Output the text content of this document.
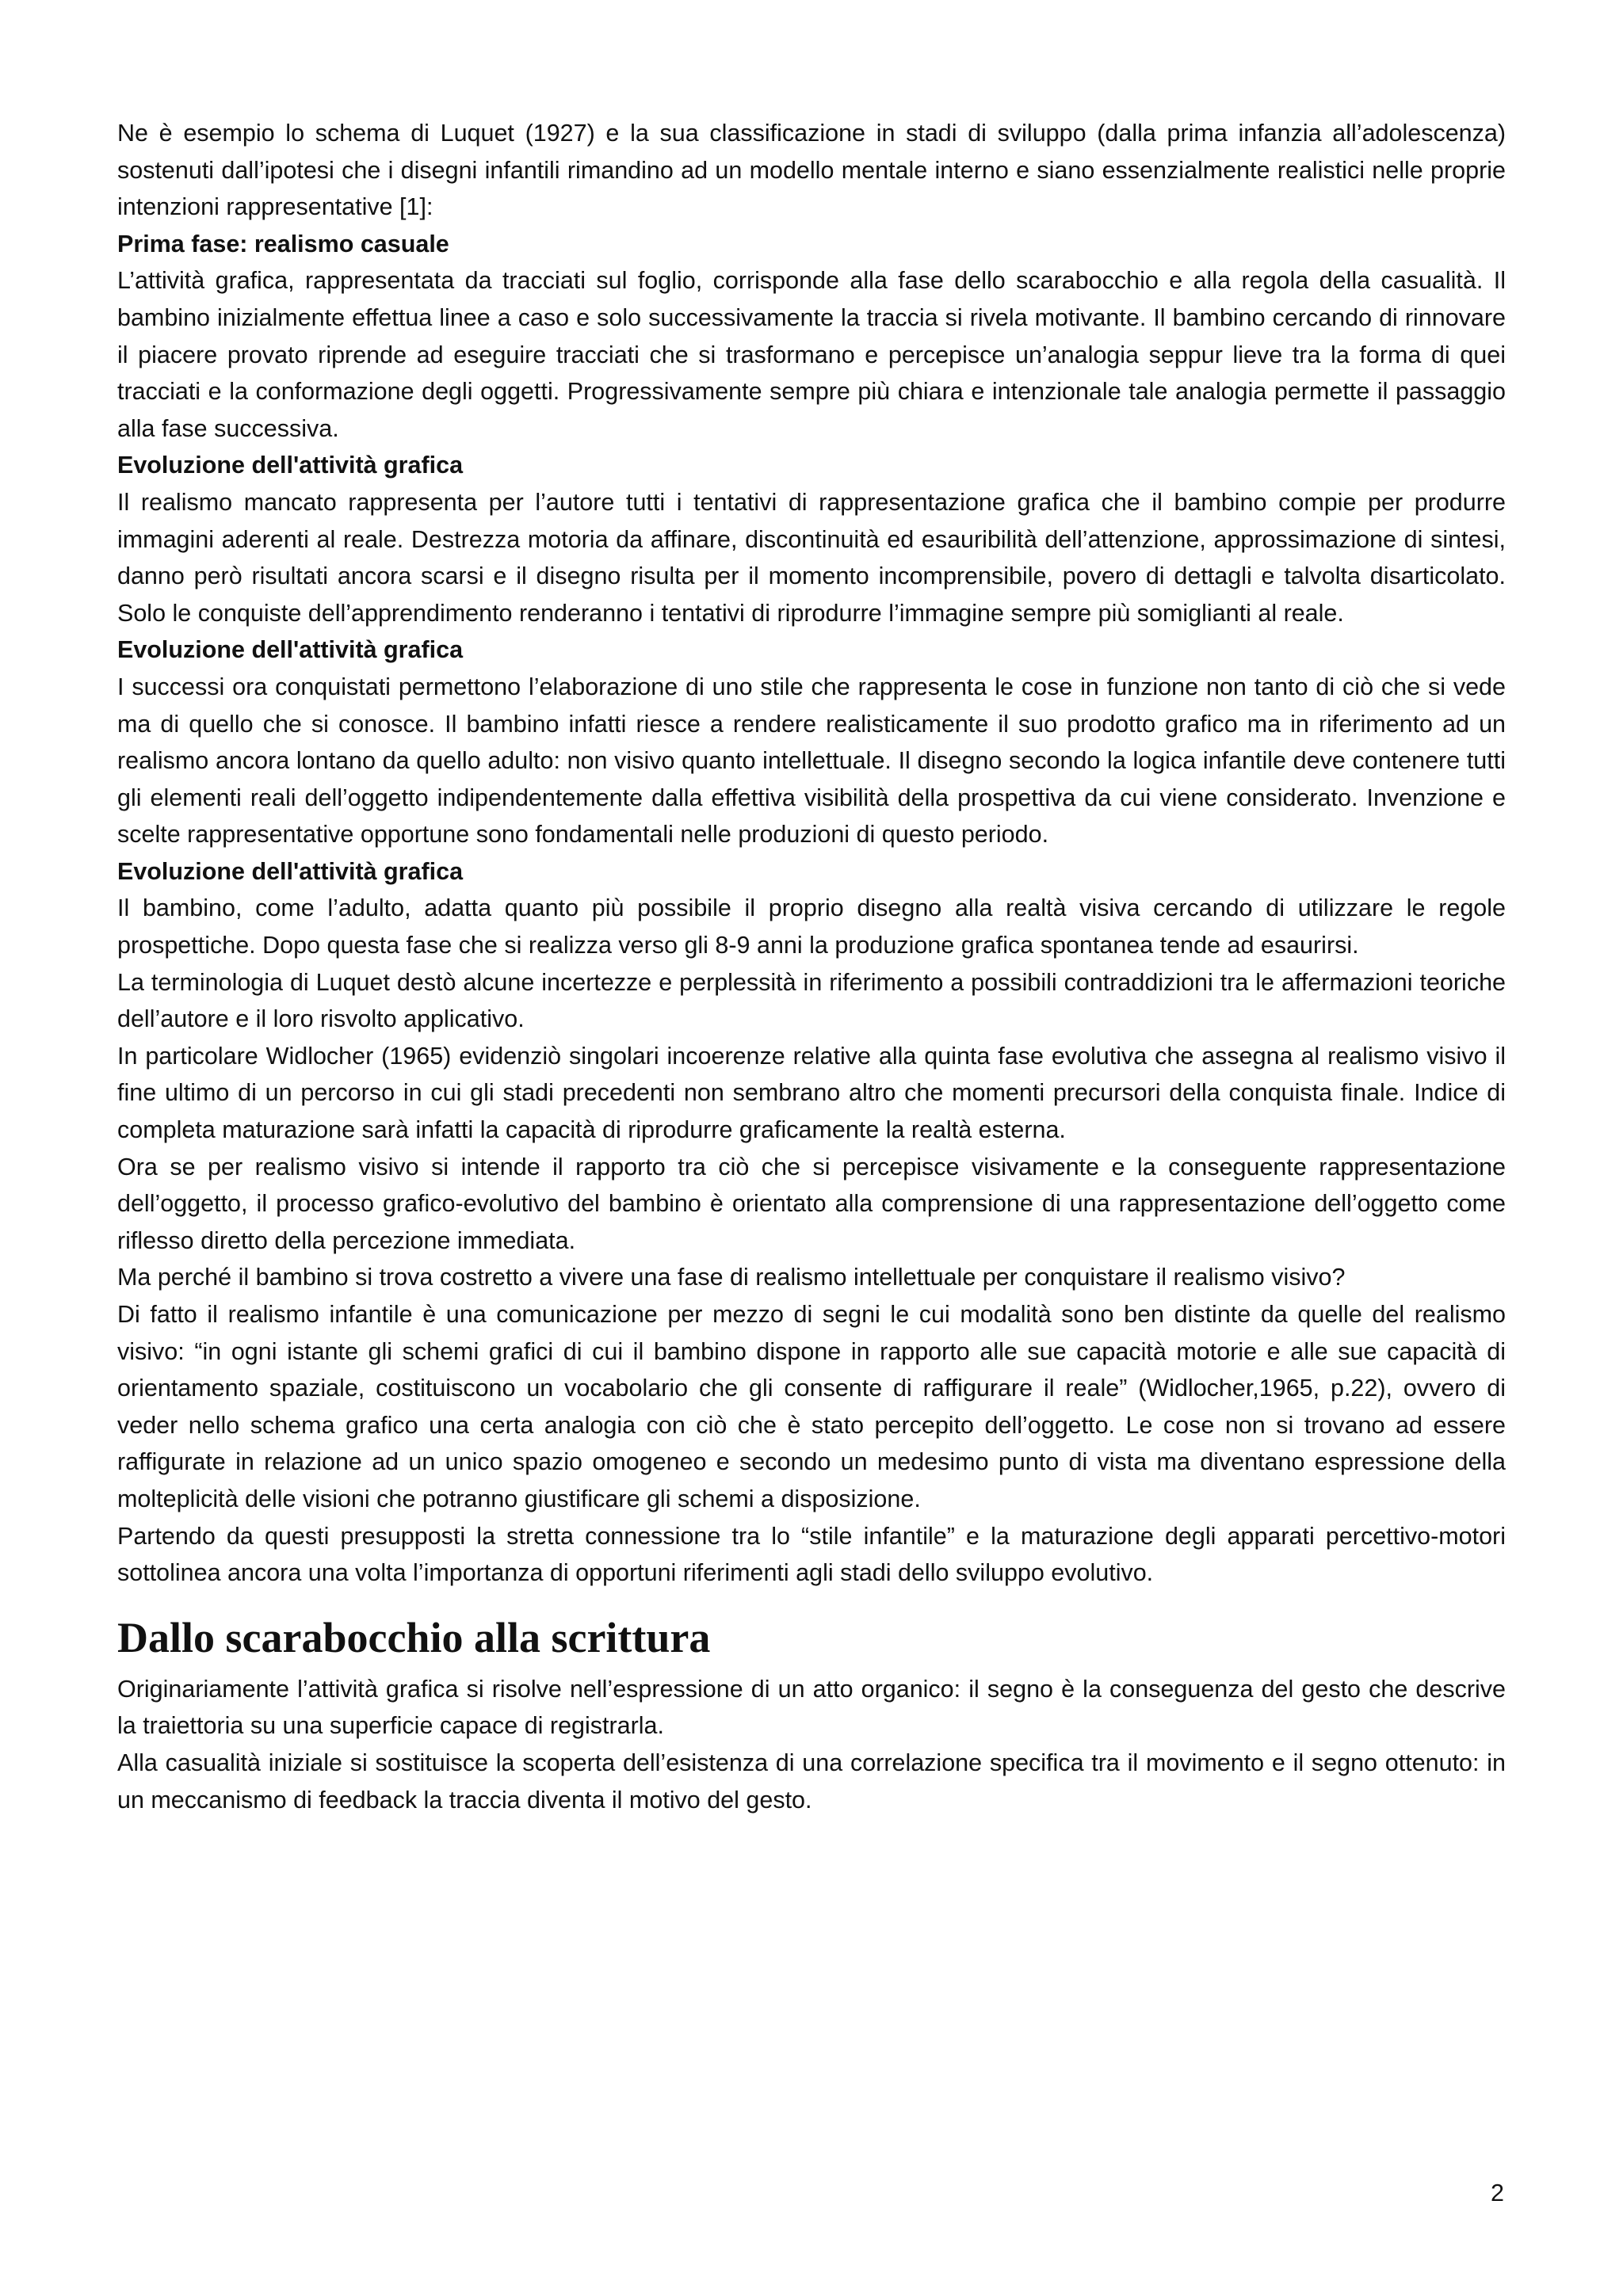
Ne è esempio lo schema di Luquet (1927) e la sua classificazione in stadi di sviluppo (dalla prima infanzia all’adolescenza) sostenuti dall’ipotesi che i disegni infantili rimandino ad un modello mentale interno e siano essenzialmente realistici nelle proprie intenzioni rappresentative [1]:

Prima fase: realismo casuale

L’attività grafica, rappresentata da tracciati sul foglio, corrisponde alla fase dello scarabocchio e alla regola della casualità. Il bambino inizialmente effettua linee a caso e solo successivamente la traccia si rivela motivante. Il bambino cercando di rinnovare il piacere provato riprende ad eseguire tracciati che si trasformano e percepisce un’analogia seppur lieve tra la forma di quei tracciati e la conformazione degli oggetti. Progressivamente sempre più chiara e intenzionale tale analogia permette il passaggio alla fase successiva.

Evoluzione dell'attività grafica

Il realismo mancato rappresenta per l’autore tutti i tentativi di rappresentazione grafica che il bambino compie per produrre immagini aderenti al reale. Destrezza motoria da affinare, discontinuità ed esauribilità dell’attenzione, approssimazione di sintesi, danno però risultati ancora scarsi e il disegno risulta per il momento incomprensibile, povero di dettagli e talvolta disarticolato. Solo le conquiste dell’apprendimento renderanno i tentativi di riprodurre l’immagine sempre più somiglianti al reale.

Evoluzione dell'attività grafica

I successi ora conquistati permettono l’elaborazione di uno stile che rappresenta le cose in funzione non tanto di ciò che si vede ma di quello che si conosce. Il bambino infatti riesce a rendere realisticamente il suo prodotto grafico ma in riferimento ad un realismo ancora lontano da quello adulto: non visivo quanto intellettuale. Il disegno secondo la logica infantile deve contenere tutti gli elementi reali dell’oggetto indipendentemente dalla effettiva visibilità della prospettiva da cui viene considerato. Invenzione e scelte rappresentative opportune sono fondamentali nelle produzioni di questo periodo.

Evoluzione dell'attività grafica

Il bambino, come l’adulto, adatta quanto più possibile il proprio disegno alla realtà visiva cercando di utilizzare le regole prospettiche. Dopo questa fase che si realizza verso gli 8-9 anni la produzione grafica spontanea tende ad esaurirsi.

La terminologia di Luquet destò alcune incertezze e perplessità in riferimento a possibili contraddizioni tra le affermazioni teoriche dell’autore e il loro risvolto applicativo.

In particolare Widlocher (1965) evidenziò singolari incoerenze relative alla quinta fase evolutiva che assegna al realismo visivo il fine ultimo di un percorso in cui gli stadi precedenti non sembrano altro che momenti precursori della conquista finale. Indice di completa maturazione sarà infatti la capacità di riprodurre graficamente la realtà esterna.

Ora se per realismo visivo si intende il rapporto tra ciò che si percepisce visivamente e la conseguente rappresentazione dell’oggetto, il processo grafico-evolutivo del bambino è orientato alla comprensione di una rappresentazione dell’oggetto come riflesso diretto della percezione immediata.

Ma perché il bambino si trova costretto a vivere una fase di realismo intellettuale per conquistare il realismo visivo?

Di fatto il realismo infantile è una comunicazione per mezzo di segni le cui modalità sono ben distinte da quelle del realismo visivo: “in ogni istante gli schemi grafici di cui il bambino dispone in rapporto alle sue capacità motorie e alle sue capacità di orientamento spaziale, costituiscono un vocabolario che gli consente di raffigurare il reale” (Widlocher,1965, p.22), ovvero di veder nello schema grafico una certa analogia con ciò che è stato percepito dell’oggetto. Le cose non si trovano ad essere raffigurate in relazione ad un unico spazio omogeneo e secondo un medesimo punto di vista ma diventano espressione della molteplicità delle visioni che potranno giustificare gli schemi a disposizione.

Partendo da questi presupposti la stretta connessione tra lo “stile infantile” e la maturazione degli apparati percettivo-motori sottolinea ancora una volta l’importanza di opportuni riferimenti agli stadi dello sviluppo evolutivo.

Dallo scarabocchio alla scrittura

Originariamente l’attività grafica si risolve nell’espressione di un atto organico: il segno è la conseguenza del gesto che descrive la traiettoria su una superficie capace di registrarla.

Alla casualità iniziale si sostituisce la scoperta dell’esistenza di una correlazione specifica tra il movimento e il segno ottenuto: in un meccanismo di feedback la traccia diventa il motivo del gesto.

2
